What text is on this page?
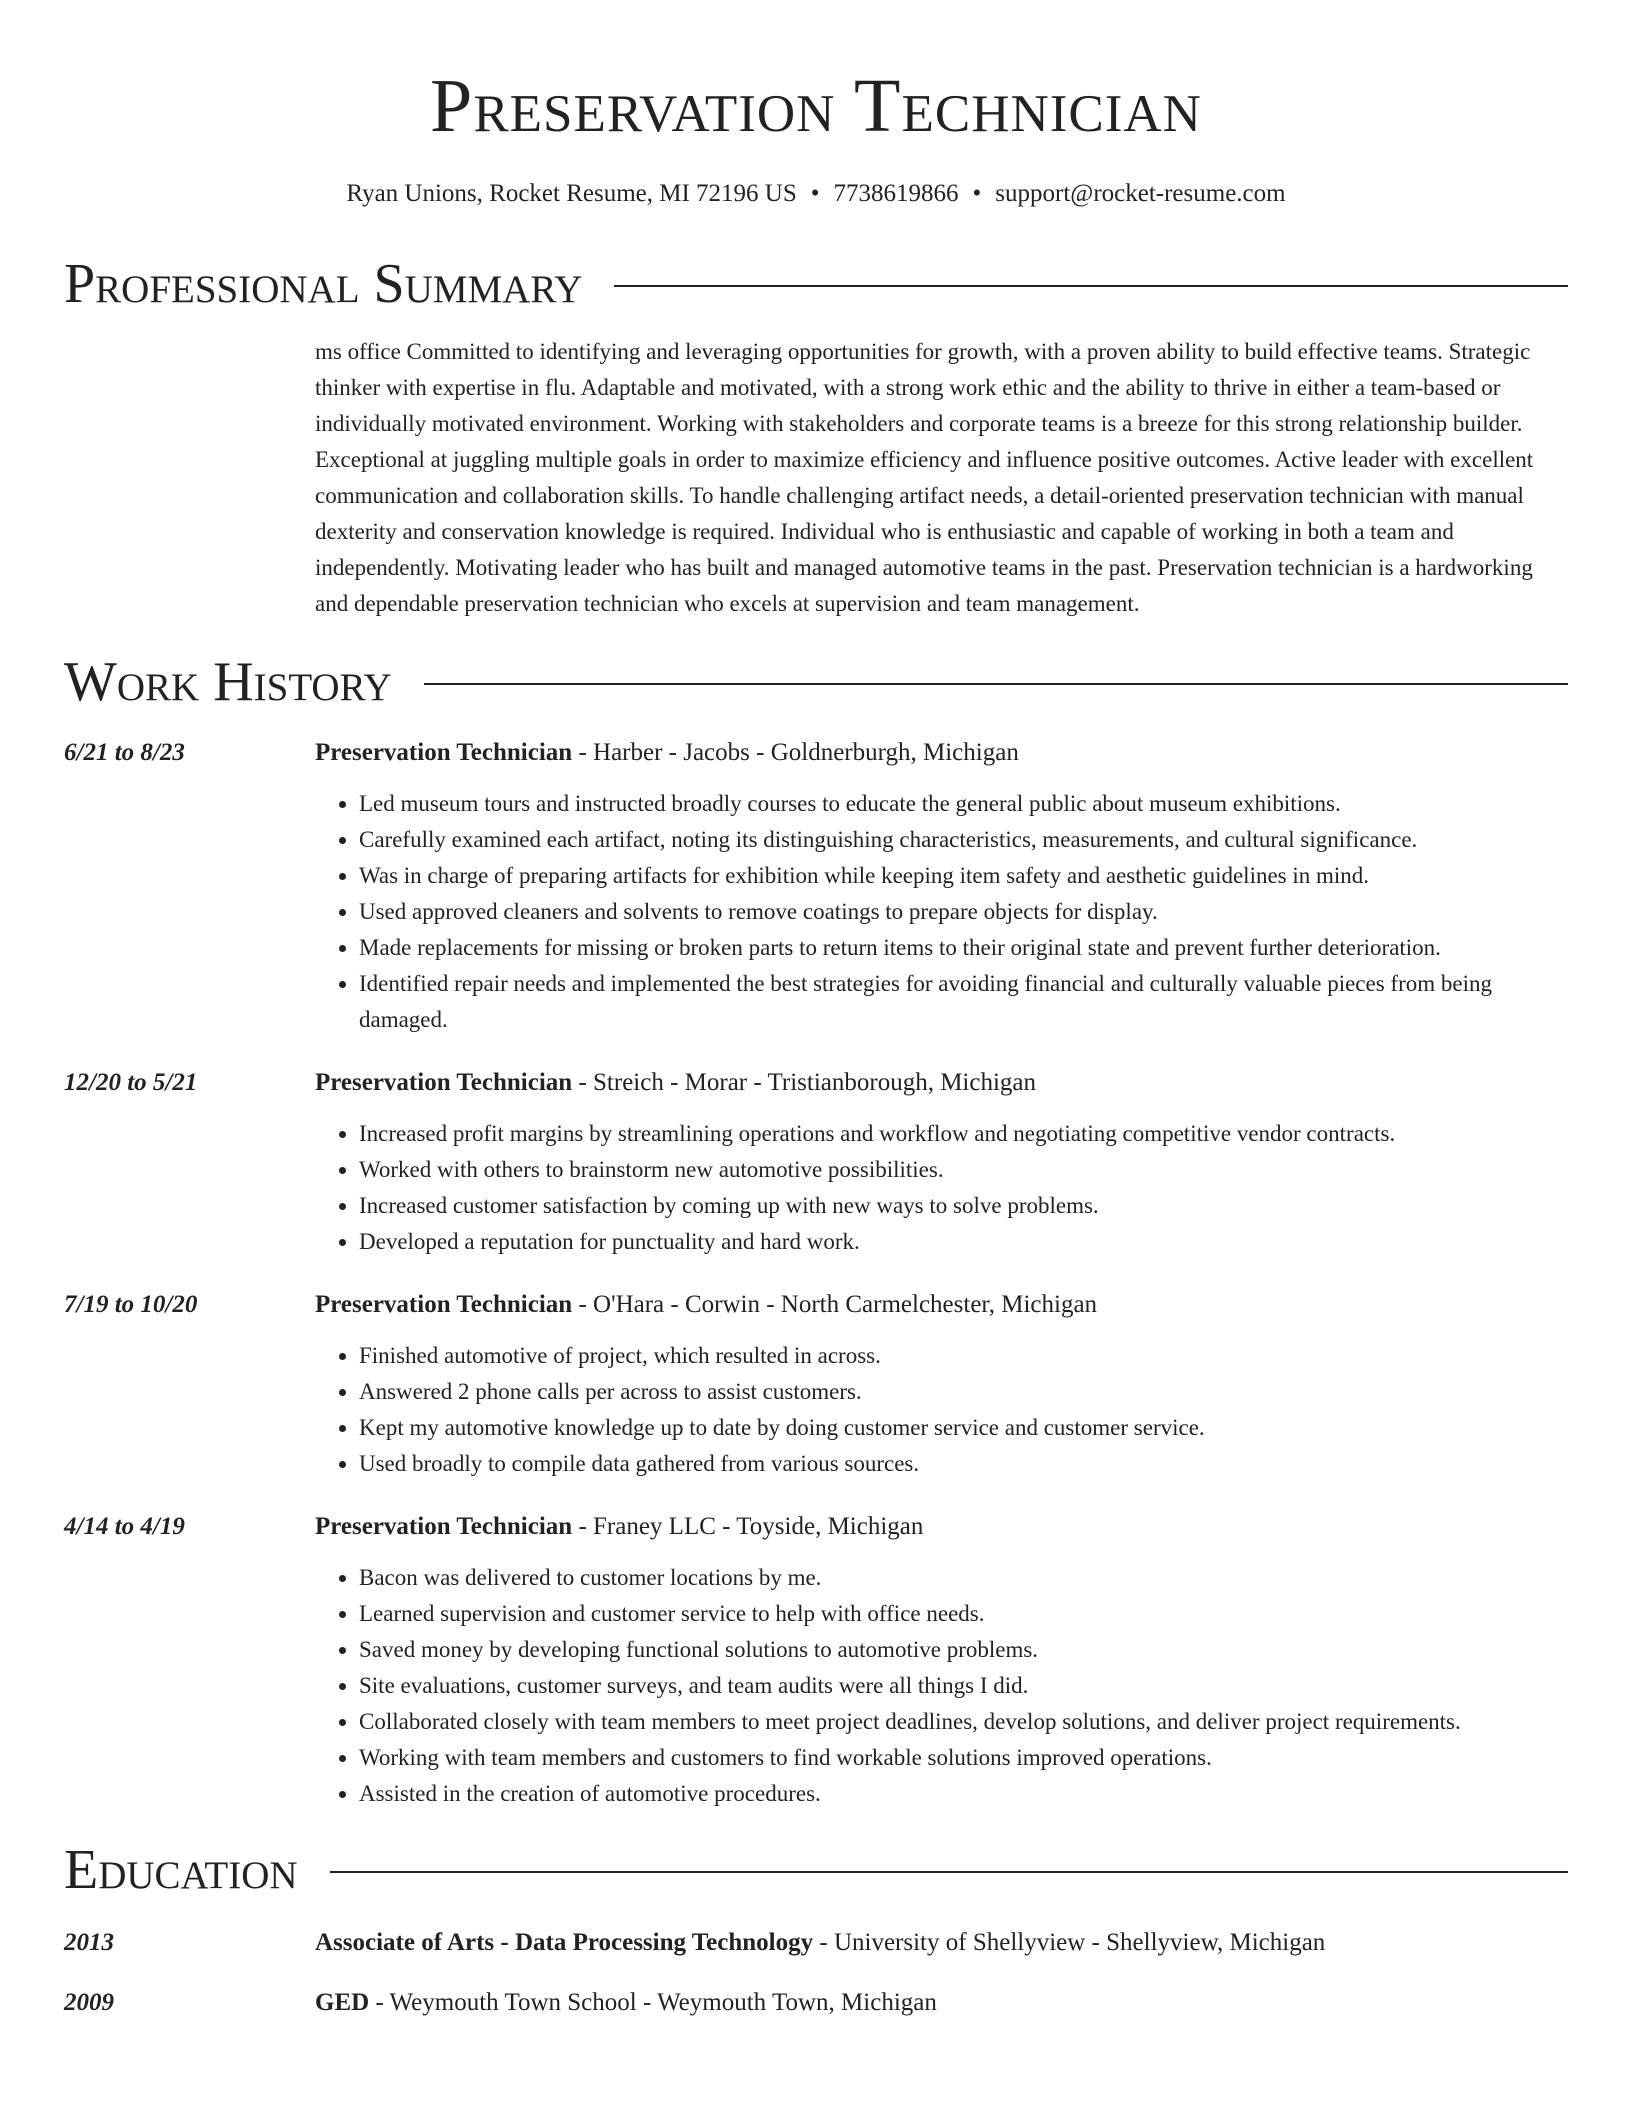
Preservation Technician
Ryan Unions, Rocket Resume, MI 72196 US • 7738619866 • support@rocket-resume.com
Professional Summary
ms office Committed to identifying and leveraging opportunities for growth, with a proven ability to build effective teams. Strategic thinker with expertise in flu. Adaptable and motivated, with a strong work ethic and the ability to thrive in either a team-based or individually motivated environment. Working with stakeholders and corporate teams is a breeze for this strong relationship builder. Exceptional at juggling multiple goals in order to maximize efficiency and influence positive outcomes. Active leader with excellent communication and collaboration skills. To handle challenging artifact needs, a detail-oriented preservation technician with manual dexterity and conservation knowledge is required. Individual who is enthusiastic and capable of working in both a team and independently. Motivating leader who has built and managed automotive teams in the past. Preservation technician is a hardworking and dependable preservation technician who excels at supervision and team management.
Work History
6/21 to 8/23	Preservation Technician - Harber - Jacobs - Goldnerburgh, Michigan
• Led museum tours and instructed broadly courses to educate the general public about museum exhibitions.
• Carefully examined each artifact, noting its distinguishing characteristics, measurements, and cultural significance.
• Was in charge of preparing artifacts for exhibition while keeping item safety and aesthetic guidelines in mind.
• Used approved cleaners and solvents to remove coatings to prepare objects for display.
• Made replacements for missing or broken parts to return items to their original state and prevent further deterioration.
• Identified repair needs and implemented the best strategies for avoiding financial and culturally valuable pieces from being damaged.
12/20 to 5/21	Preservation Technician - Streich - Morar - Tristianborough, Michigan
• Increased profit margins by streamlining operations and workflow and negotiating competitive vendor contracts.
• Worked with others to brainstorm new automotive possibilities.
• Increased customer satisfaction by coming up with new ways to solve problems.
• Developed a reputation for punctuality and hard work.
7/19 to 10/20	Preservation Technician - O'Hara - Corwin - North Carmelchester, Michigan
• Finished automotive of project, which resulted in across.
• Answered 2 phone calls per across to assist customers.
• Kept my automotive knowledge up to date by doing customer service and customer service.
• Used broadly to compile data gathered from various sources.
4/14 to 4/19	Preservation Technician - Franey LLC - Toyside, Michigan
• Bacon was delivered to customer locations by me.
• Learned supervision and customer service to help with office needs.
• Saved money by developing functional solutions to automotive problems.
• Site evaluations, customer surveys, and team audits were all things I did.
• Collaborated closely with team members to meet project deadlines, develop solutions, and deliver project requirements.
• Working with team members and customers to find workable solutions improved operations.
• Assisted in the creation of automotive procedures.
Education
2013	Associate of Arts - Data Processing Technology - University of Shellyview - Shellyview, Michigan
2009	GED - Weymouth Town School - Weymouth Town, Michigan
